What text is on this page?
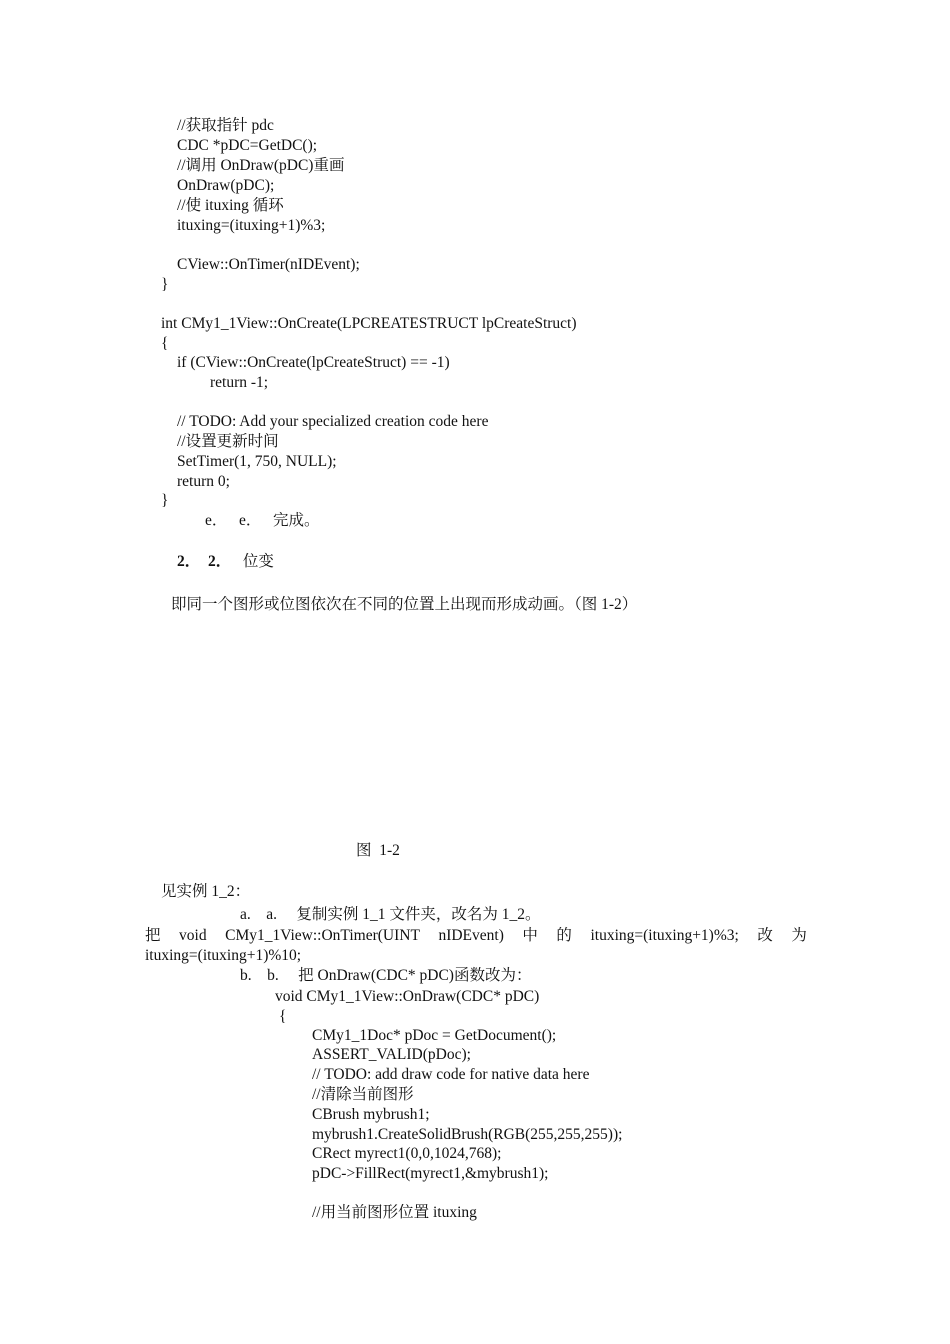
//获取指针 pdc
CDC *pDC=GetDC();
//调用 OnDraw(pDC)重画
OnDraw(pDC);
//使 ituxing 循环
ituxing=(ituxing+1)%3;
CView::OnTimer(nIDEvent);
}
int CMy1_1View::OnCreate(LPCREATESTRUCT lpCreateStruct)
{
if (CView::OnCreate(lpCreateStruct) == -1)
return -1;
// TODO: Add your specialized creation code here
//设置更新时间
SetTimer(1, 750, NULL);
return 0;
}
e．   e．   完成。
2．  2． 位变
即同一个图形或位图依次在不同的位置上出现而形成动画。（图 1-2）
图  1-2
见实例 1_2：
a.    a.     复制实例 1_1 文件夹，改名为 1_2。
把 void CMy1_1View::OnTimer(UINT nIDEvent) 中 的 ituxing=(ituxing+1)%3; 改 为
ituxing=(ituxing+1)%10;
b.    b.     把 OnDraw(CDC* pDC)函数改为：
void CMy1_1View::OnDraw(CDC* pDC)
{
CMy1_1Doc* pDoc = GetDocument();
ASSERT_VALID(pDoc);
// TODO: add draw code for native data here
//清除当前图形
CBrush mybrush1;
mybrush1.CreateSolidBrush(RGB(255,255,255));
CRect myrect1(0,0,1024,768);
pDC->FillRect(myrect1,&mybrush1);
//用当前图形位置 ituxing
